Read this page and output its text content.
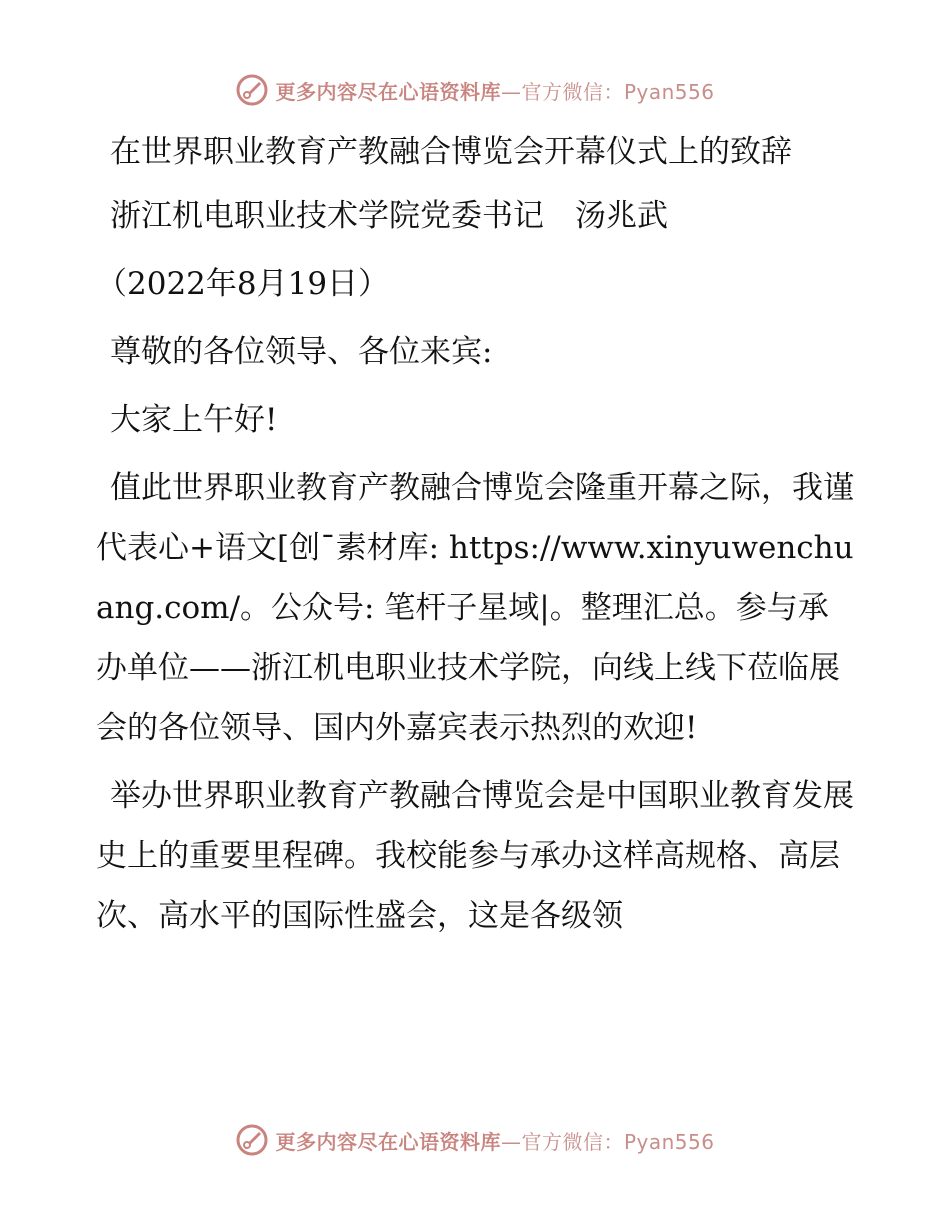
更多内容尽在心语资料库—官方微信：Pyan556

在世界职业教育产教融合博览会开幕仪式上的致辞

浙江机电职业技术学院党委书记　汤兆武

（2022年8月19日）

尊敬的各位领导、各位来宾:

大家上午好!

值此世界职业教育产教融合博览会隆重开幕之际，我谨代表心+语文[创¯素材库: https://www.xinyuwenchuang.com/。公众号: 笔杆子星域|。整理汇总。参与承办单位——浙江机电职业技术学院，向线上线下莅临展会的各位领导、国内外嘉宾表示热烈的欢迎!

举办世界职业教育产教融合博览会是中国职业教育发展史上的重要里程碑。我校能参与承办这样高规格、高层次、高水平的国际性盛会，这是各级领

更多内容尽在心语资料库—官方微信：Pyan556
